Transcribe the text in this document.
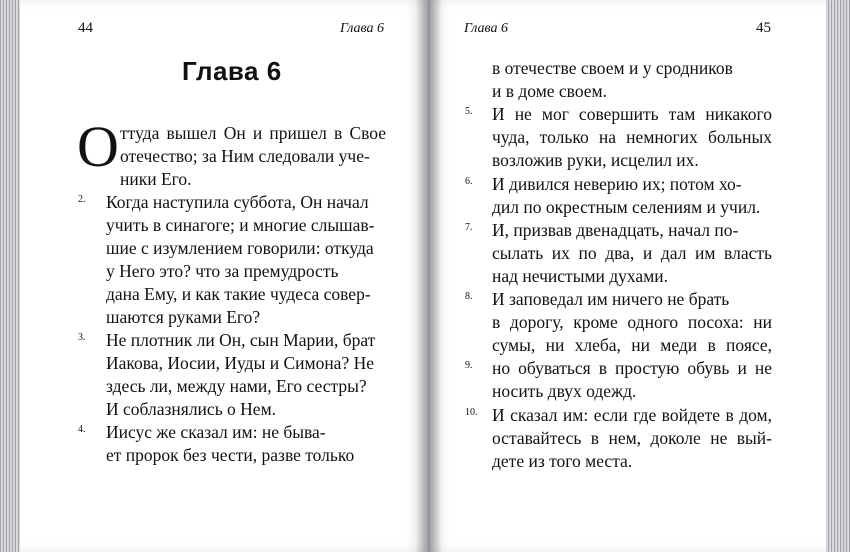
44	Глава 6	Глава 6	45
Глава 6
О ттуда вышел Он и пришел в Свое
отечество; за Ним следовали уче-
ники Его.
Когда наступила суббота, Он начал
учить в синагоге; и многие слышав-
шие с изумлением говорили: откуда
у Него это? что за премудрость
дана Ему, и как такие чудеса совер-
шаются руками Его?
Не плотник ли Он, сын Марии, брат
Иакова, Иосии, Иуды и Симона? Не
здесь ли, между нами, Его сестры?
И соблазнялись о Нем.
Иисус же сказал им: не быва-
ет пророк без чести, разве только
2.
3.
4.
в отечестве своем и у сродников
и в доме своем.
И не мог совершить там никакого
чуда, только на немногих больных
возложив руки, исцелил их.
И дивился неверию их; потом хо-
дил по окрестным селениям и учил.
И, призвав двенадцать, начал по-
сылать их по два, и дал им власть
над нечистыми духами.
И заповедал им ничего не брать
в дорогу, кроме одного посоха: ни
сумы, ни хлеба, ни меди в поясе,
но обуваться в простую обувь и не
носить двух одежд.
И сказал им: если где войдете в дом,
оставайтесь в нем, доколе не вый-
дете из того места.
5.
6.
7.
8.
9.
10.
